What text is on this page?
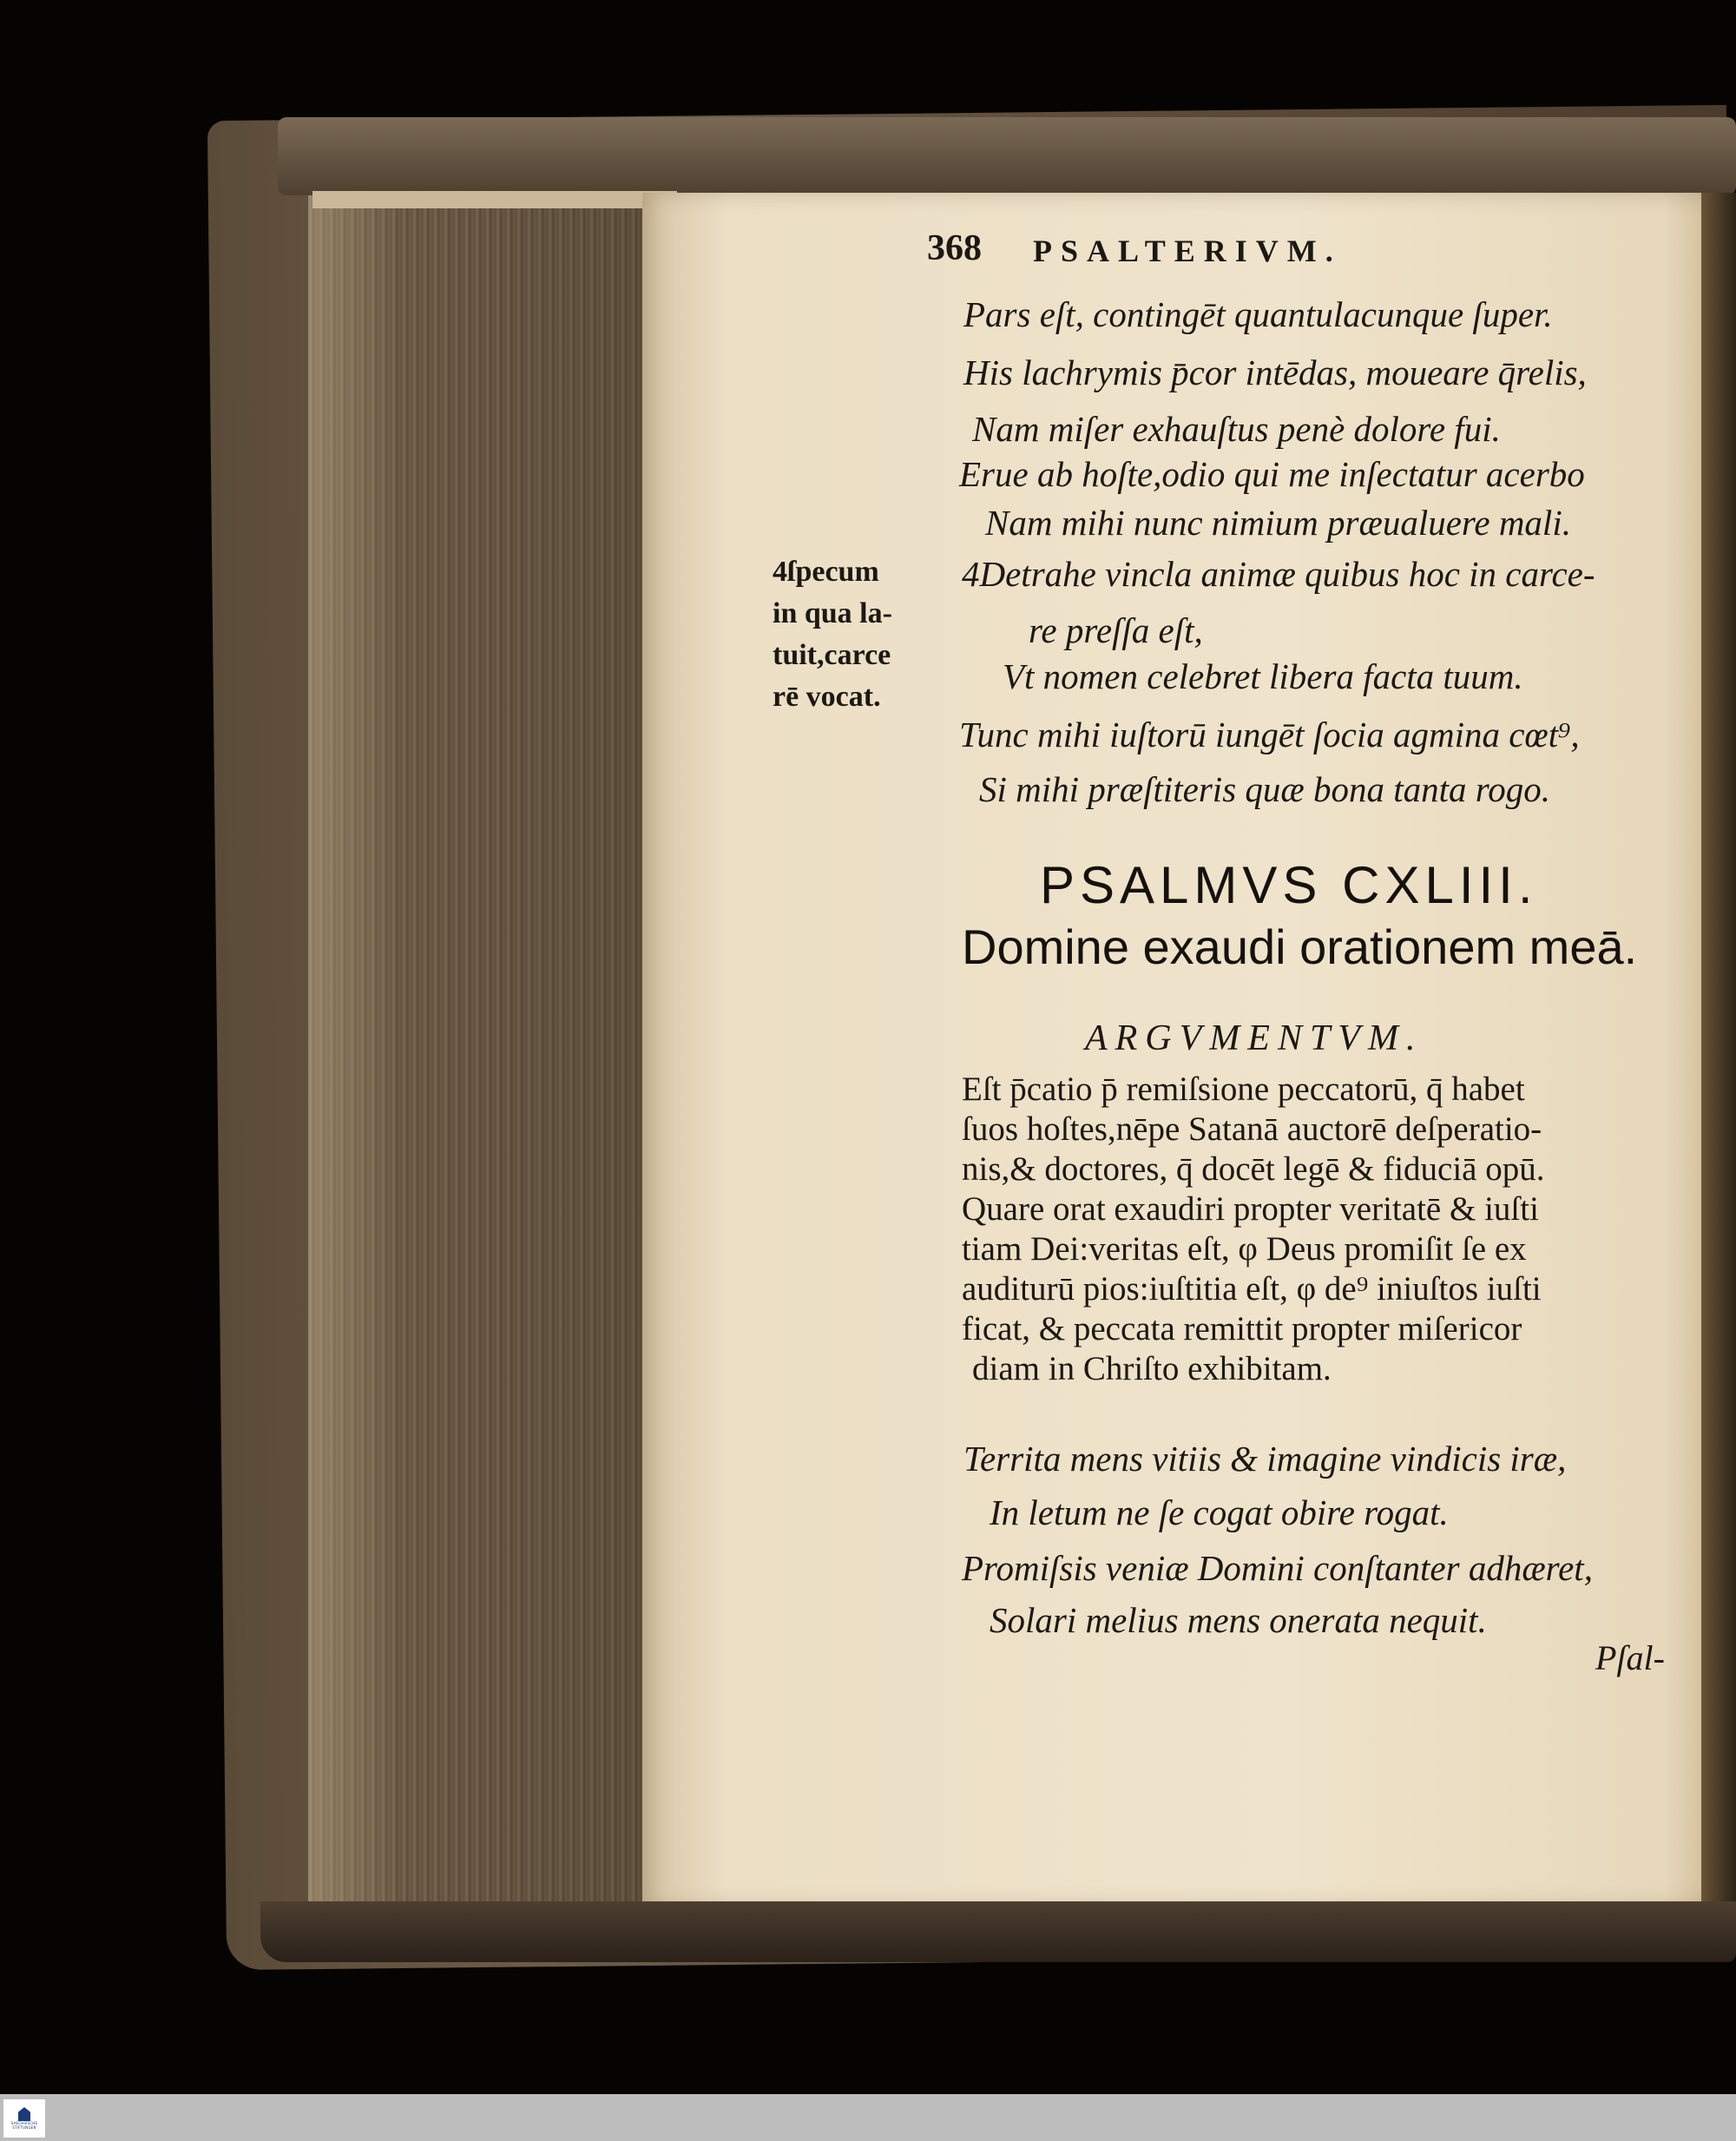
368 PSALTERIVM.
Pars eſt, contingēt quantulacunque ſuper.
His lachrymis p̄cor intēdas, moueare q̄relis,
Nam miſer exhauſtus penè dolore fui.
Erue ab hoſte,odio qui me inſectatur acerbo
Nam mihi nunc nimium præualuere mali.
4Detrahe vincla animæ quibus hoc in carce-
re preſſa eſt,
Vt nomen celebret libera facta tuum.
Tunc mihi iuſtorū iungēt ſocia agmina cœt⁹,
Si mihi præſtiteris quæ bona tanta rogo.
4ſpecum
in qua la-
tuit,carce
rē vocat.
PSALMVS CXLIII.
Domine exaudi orationem meā.
ARGVMENTVM.
Eſt p̄catio p̄ remiſsione peccatorū, q̄ habet
ſuos hoſtes,nēpe Satanā auctorē deſperatio-
nis,& doctores, q̄ docēt legē & fiduciā opū.
Quare orat exaudiri propter veritatē & iuſti
tiam Dei:veritas eſt, φ Deus promiſit ſe ex
auditurū pios:iuſtitia eſt, φ de⁹ iniuſtos iuſti
ficat, & peccata remittit propter miſericor
diam in Chriſto exhibitam.
Territa mens vitiis & imagine vindicis iræ,
In letum ne ſe cogat obire rogat.
Promiſsis veniæ Domini conſtanter adhæret,
Solari melius mens onerata nequit.
Pſal-
SAECHSISCHE STIFTUNGEN
